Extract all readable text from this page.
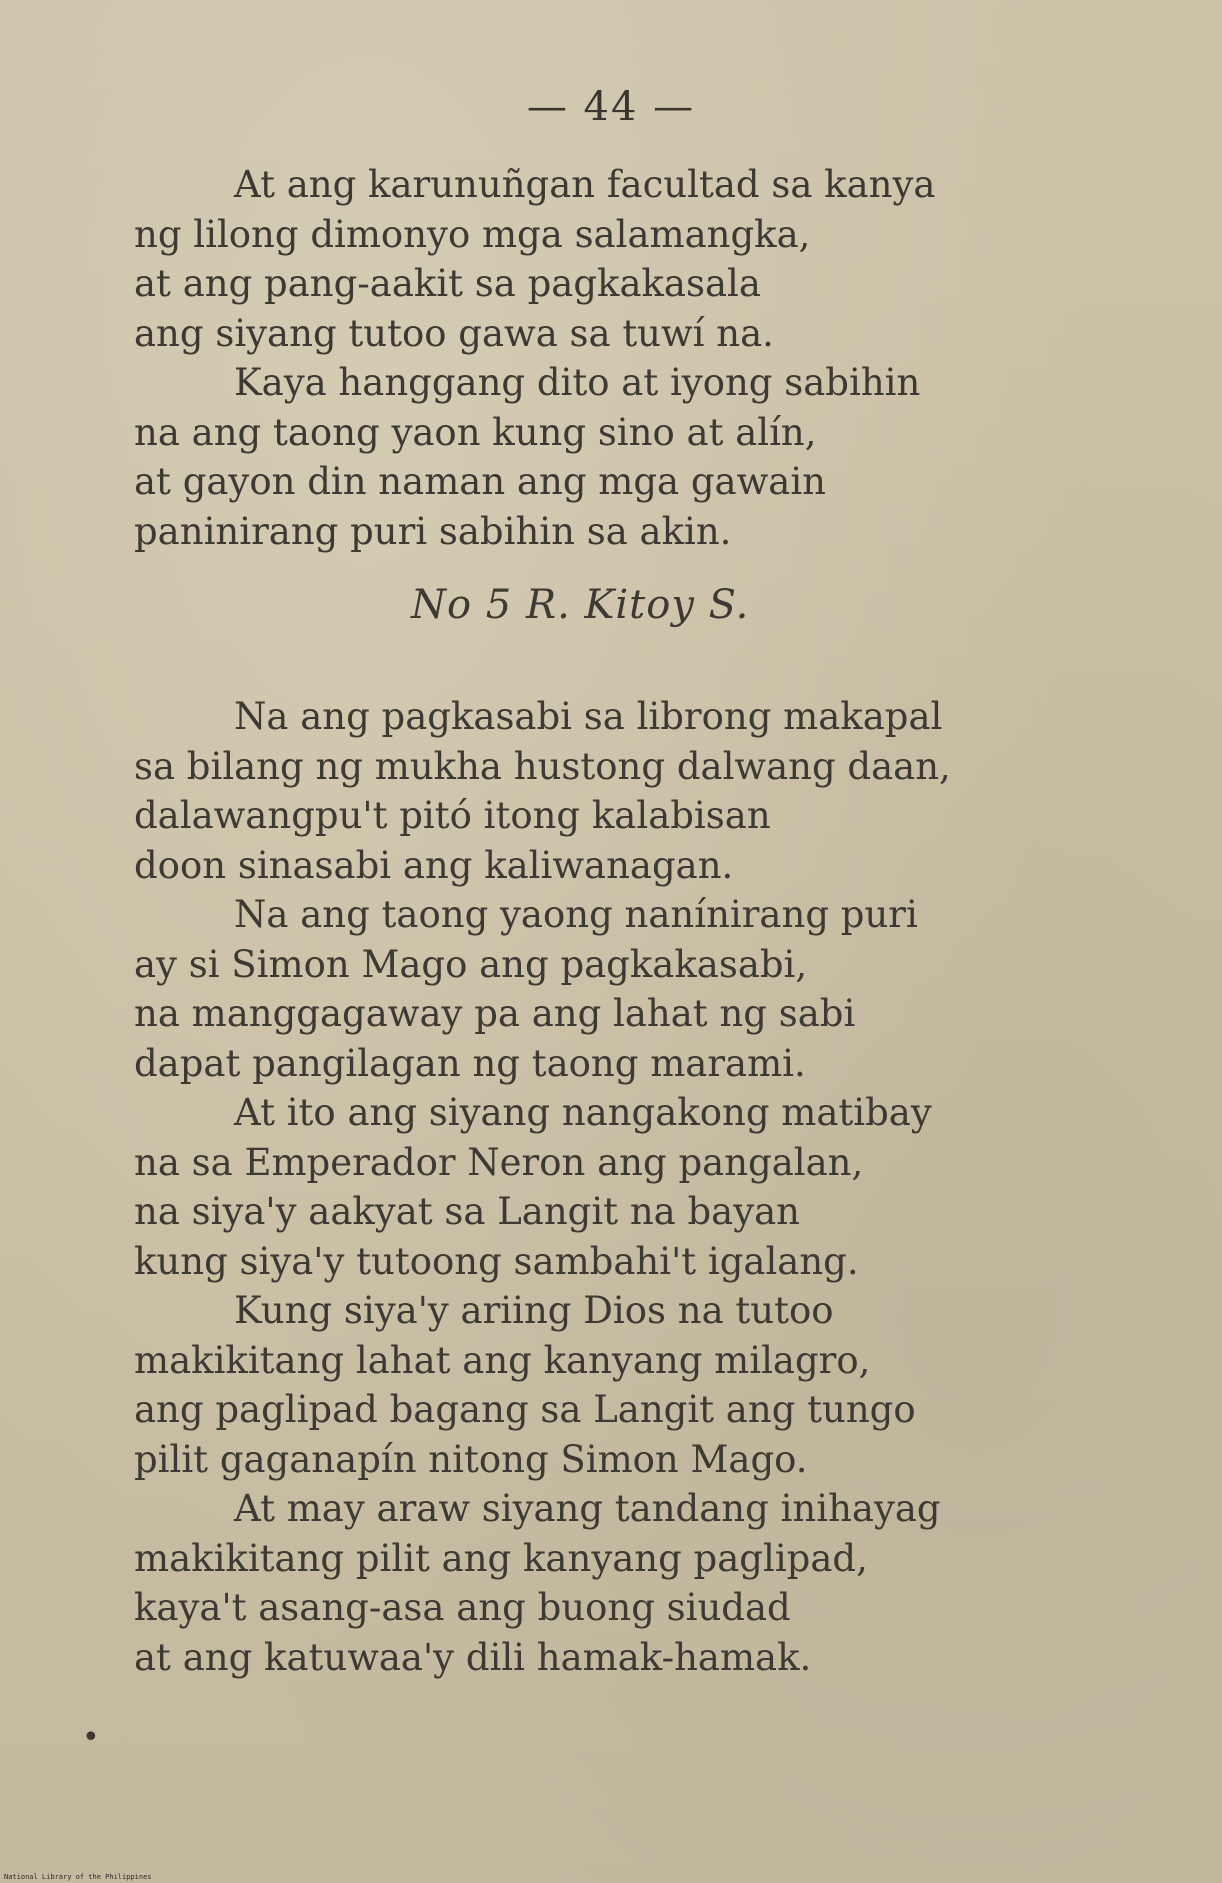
— 44 —
At ang karunuñgan facultad sa kanya
ng lilong dimonyo mga salamangka,
at ang pang-aakit sa pagkakasala
ang siyang tutoo gawa sa tuwí na.
Kaya hanggang dito at iyong sabihin
na ang taong yaon kung sino at alín,
at gayon din naman ang mga gawain
paninirang puri sabihin sa akin.
No 5 R. Kitoy S.
Na ang pagkasabi sa librong makapal
sa bilang ng mukha hustong dalwang daan,
dalawangpu't pitó itong kalabisan
doon sinasabi ang kaliwanagan.
Na ang taong yaong nanínirang puri
ay si Simon Mago ang pagkakasabi,
na manggagaway pa ang lahat ng sabi
dapat pangilagan ng taong marami.
At ito ang siyang nangakong matibay
na sa Emperador Neron ang pangalan,
na siya'y aakyat sa Langit na bayan
kung siya'y tutoong sambahi't igalang.
Kung siya'y ariing Dios na tutoo
makikitang lahat ang kanyang milagro,
ang paglipad bagang sa Langit ang tungo
pilit gaganapín nitong Simon Mago.
At may araw siyang tandang inihayag
makikitang pilit ang kanyang paglipad,
kaya't asang-asa ang buong siudad
at ang katuwaa'y dili hamak-hamak.
•
National Library of the Philippines
